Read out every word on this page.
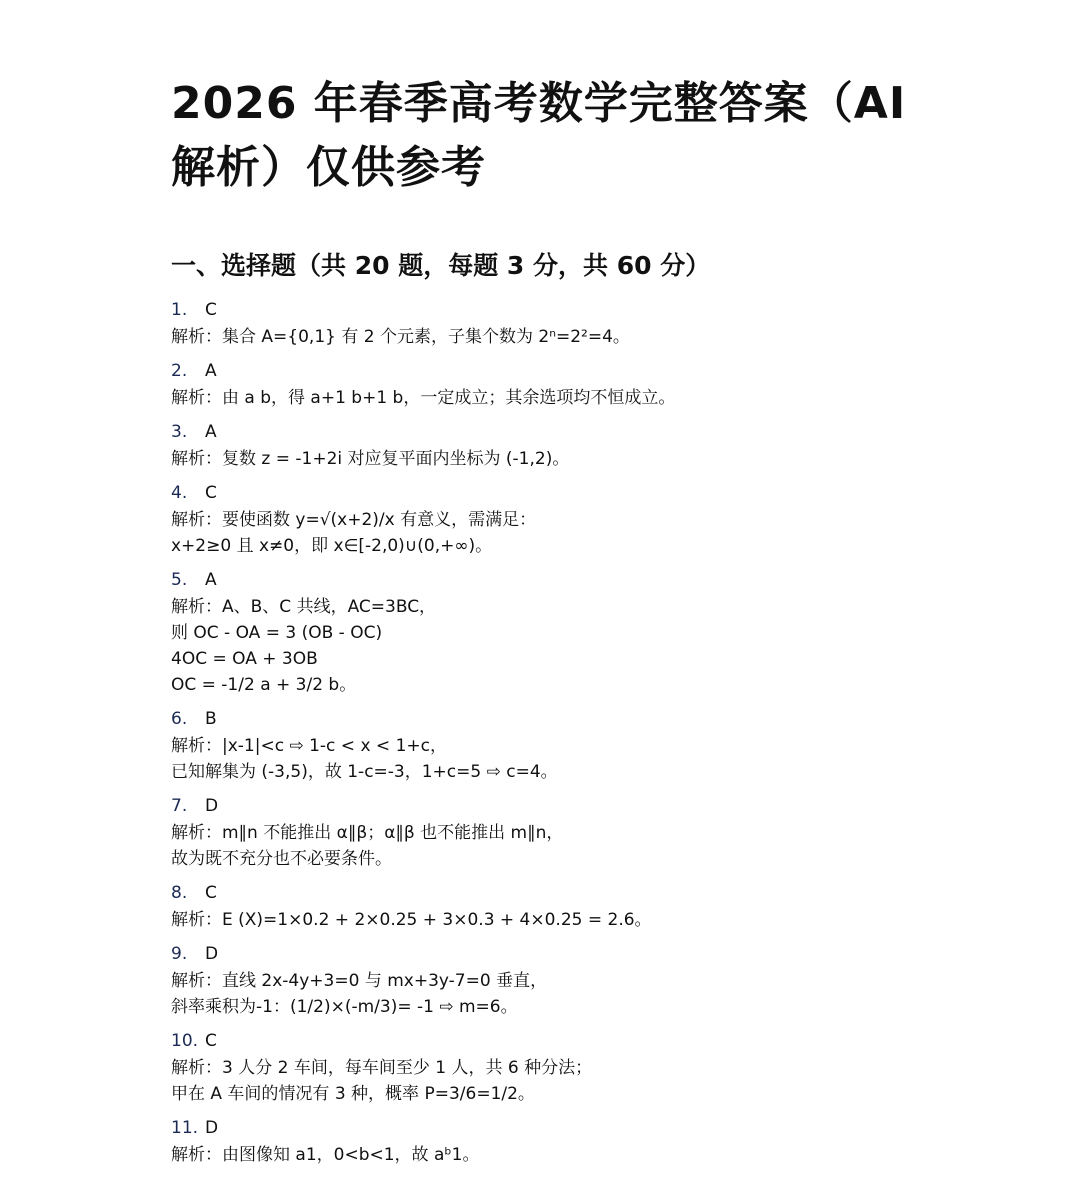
2026 年春季高考数学完整答案（AI 解析）仅供参考
一、选择题（共 20 题，每题 3 分，共 60 分）
1. C
解析：集合 A={0,1} 有 2 个元素，子集个数为 2ⁿ=2²=4。
2. A
解析：由 a b，得 a+1 b+1 b，一定成立；其余选项均不恒成立。
3. A
解析：复数 z = -1+2i 对应复平面内坐标为 (-1,2)。
4. C
解析：要使函数 y=√(x+2)/x 有意义，需满足：
x+2≥0 且 x≠0，即 x∈[-2,0)∪(0,+∞)。
5. A
解析：A、B、C 共线，AC=3BC，
则 OC - OA = 3 (OB - OC)
4OC = OA + 3OB
OC = -1/2 a + 3/2 b。
6. B
解析：|x-1|<c ⇨ 1-c < x < 1+c，
已知解集为 (-3,5)，故 1-c=-3，1+c=5 ⇨ c=4。
7. D
解析：m∥n 不能推出 α∥β；α∥β 也不能推出 m∥n，
故为既不充分也不必要条件。
8. C
解析：E (X)=1×0.2 + 2×0.25 + 3×0.3 + 4×0.25 = 2.6。
9. D
解析：直线 2x-4y+3=0 与 mx+3y-7=0 垂直，
斜率乘积为-1：(1/2)×(-m/3)= -1 ⇨ m=6。
10. C
解析：3 人分 2 车间，每车间至少 1 人，共 6 种分法；
甲在 A 车间的情况有 3 种，概率 P=3/6=1/2。
11. D
解析：由图像知 a1，0<b<1，故 aᵇ1。
